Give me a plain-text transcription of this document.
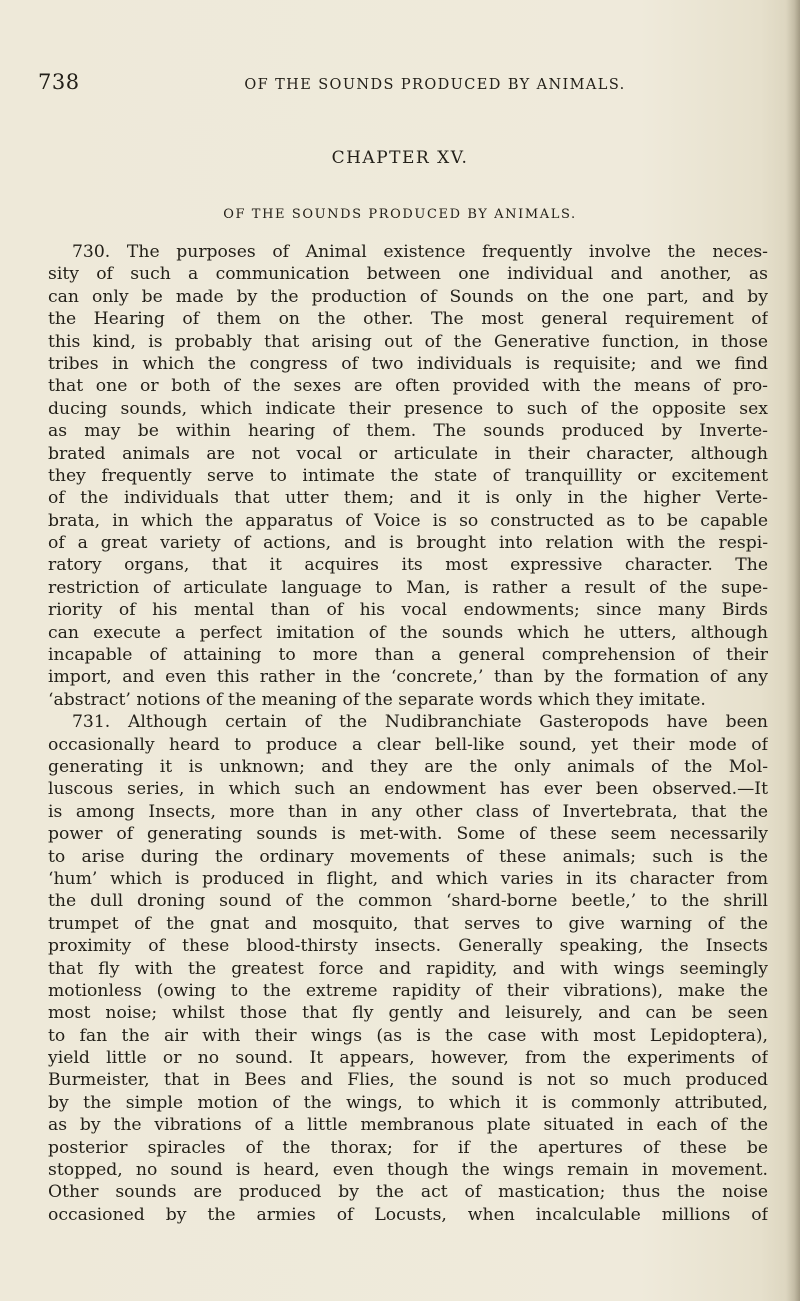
738	OF THE SOUNDS PRODUCED BY ANIMALS.
CHAPTER XV.
OF THE SOUNDS PRODUCED BY ANIMALS.
730. The purposes of Animal existence frequently involve the neces-
sity of such a communication between one individual and another, as
can only be made by the production of Sounds on the one part, and by
the Hearing of them on the other. The most general requirement of
this kind, is probably that arising out of the Generative function, in those
tribes in which the congress of two individuals is requisite; and we find
that one or both of the sexes are often provided with the means of pro-
ducing sounds, which indicate their presence to such of the opposite sex
as may be within hearing of them. The sounds produced by Inverte-
brated animals are not vocal or articulate in their character, although
they frequently serve to intimate the state of tranquillity or excitement
of the individuals that utter them; and it is only in the higher Verte-
brata, in which the apparatus of Voice is so constructed as to be capable
of a great variety of actions, and is brought into relation with the respi-
ratory organs, that it acquires its most expressive character. The
restriction of articulate language to Man, is rather a result of the supe-
riority of his mental than of his vocal endowments; since many Birds
can execute a perfect imitation of the sounds which he utters, although
incapable of attaining to more than a general comprehension of their
import, and even this rather in the ‘concrete,’ than by the formation of any
‘abstract’ notions of the meaning of the separate words which they imitate.
731. Although certain of the Nudibranchiate Gasteropods have been
occasionally heard to produce a clear bell-like sound, yet their mode of
generating it is unknown; and they are the only animals of the Mol-
luscous series, in which such an endowment has ever been observed.—It
is among Insects, more than in any other class of Invertebrata, that the
power of generating sounds is met-with. Some of these seem necessarily
to arise during the ordinary movements of these animals; such is the
‘hum’ which is produced in flight, and which varies in its character from
the dull droning sound of the common ‘shard-borne beetle,’ to the shrill
trumpet of the gnat and mosquito, that serves to give warning of the
proximity of these blood-thirsty insects. Generally speaking, the Insects
that fly with the greatest force and rapidity, and with wings seemingly
motionless (owing to the extreme rapidity of their vibrations), make the
most noise; whilst those that fly gently and leisurely, and can be seen
to fan the air with their wings (as is the case with most Lepidoptera),
yield little or no sound. It appears, however, from the experiments of
Burmeister, that in Bees and Flies, the sound is not so much produced
by the simple motion of the wings, to which it is commonly attributed,
as by the vibrations of a little membranous plate situated in each of the
posterior spiracles of the thorax; for if the apertures of these be
stopped, no sound is heard, even though the wings remain in movement.
Other sounds are produced by the act of mastication; thus the noise
occasioned by the armies of Locusts, when incalculable millions of
